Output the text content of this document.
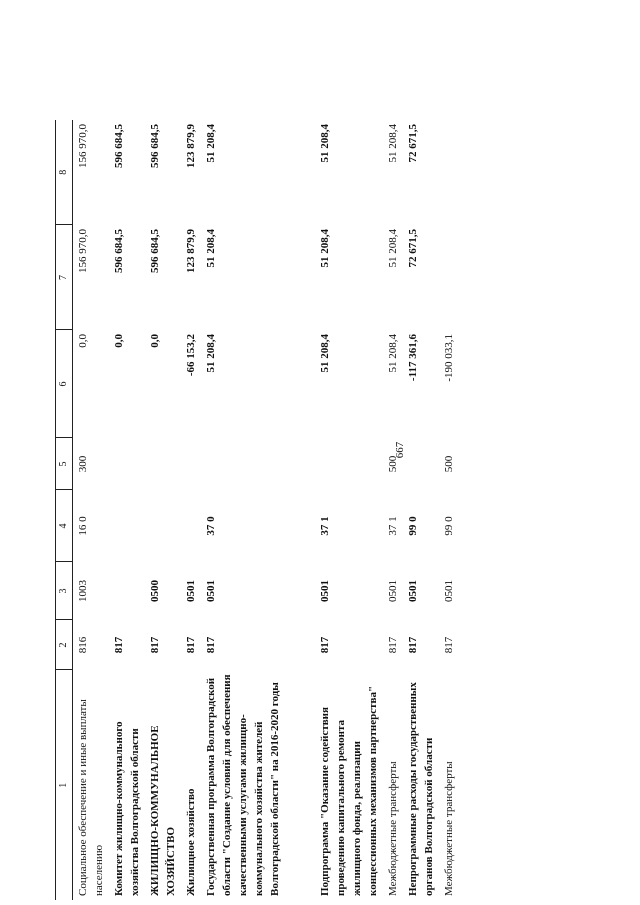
667
1	2	3	4	5	6	7	8
Социальное обеспечение и иные выплаты населению	816	1003	16 0	300	0,0	156 970,0	156 970,0
Комитет жилищно-коммунального хозяйства Волгоградской области	817				0,0	596 684,5	596 684,5
ЖИЛИЩНО-КОММУНАЛЬНОЕ ХОЗЯЙСТВО	817	0500			0,0	596 684,5	596 684,5
Жилищное хозяйство	817	0501			-66 153,2	123 879,9	123 879,9
Государственная программа Волгоградской области "Создание условий для обеспечения качественными услугами жилищно-коммунального хозяйства жителей Волгоградской области" на 2016-2020 годы	817	0501	37 0		51 208,4	51 208,4	51 208,4

Подпрограмма "Оказание содействия проведению капитального ремонта жилищного фонда, реализации концессионных механизмов партнерства"	817	0501	37 1		51 208,4	51 208,4	51 208,4
Межбюджетные трансферты	817	0501	37 1	500	51 208,4	51 208,4	51 208,4
Непрограммные расходы государственных органов Волгоградской области	817	0501	99 0		-117 361,6	72 671,5	72 671,5
Межбюджетные трансферты	817	0501	99 0	500	-190 033,1		
